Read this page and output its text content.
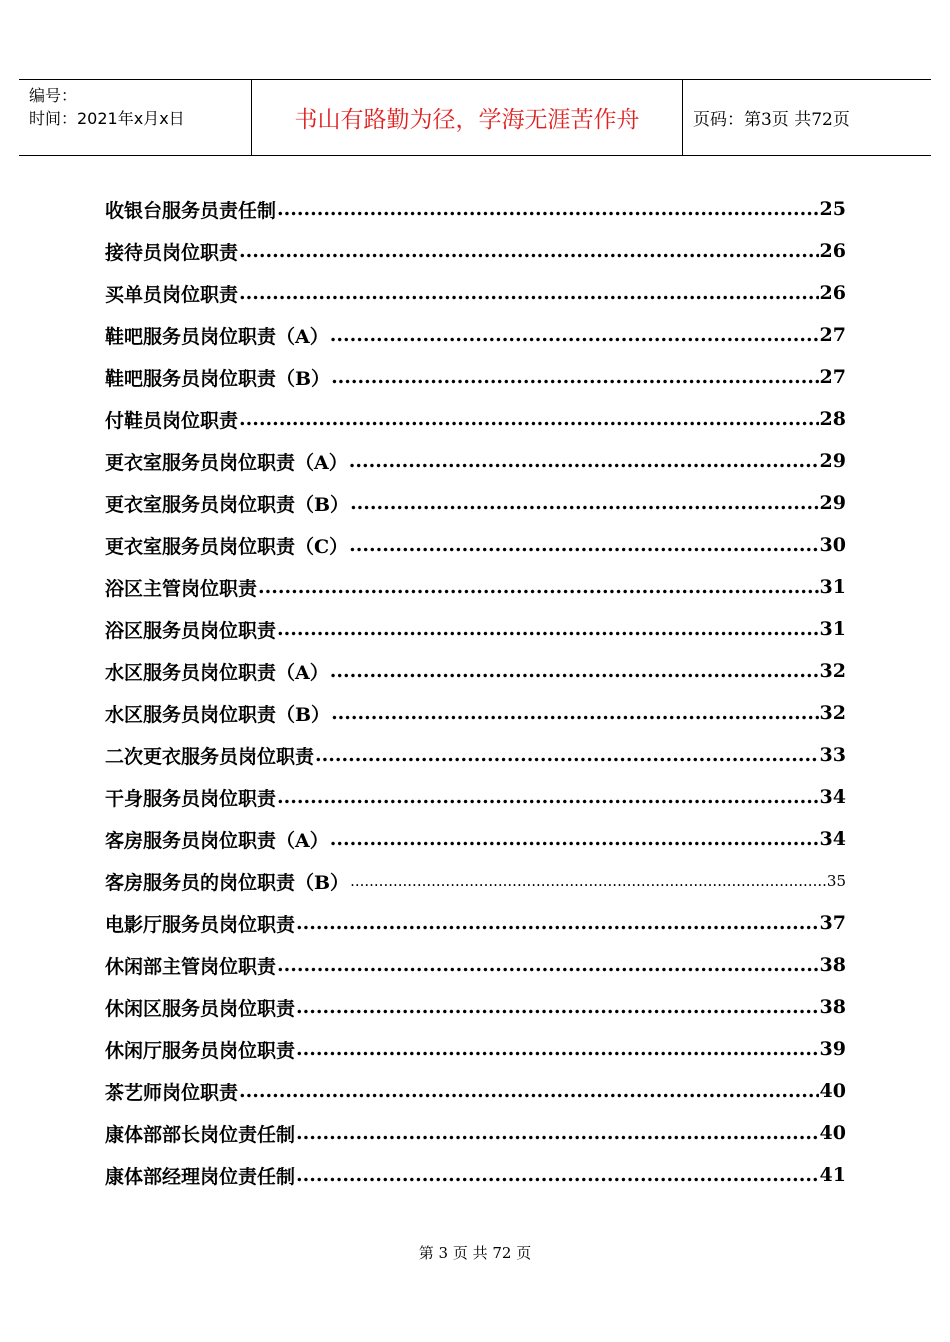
编号：
时间：2021年x月x日	书山有路勤为径，学海无涯苦作舟	页码：第3页 共72页
收银台服务员责任制 .....	25
接待员岗位职责 .....	26
买单员岗位职责 .....	26
鞋吧服务员岗位职责（A） .....	27
鞋吧服务员岗位职责（B） .....	27
付鞋员岗位职责 .....	28
更衣室服务员岗位职责（A） .....	29
更衣室服务员岗位职责（B） .....	29
更衣室服务员岗位职责（C） .....	30
浴区主管岗位职责 .....	31
浴区服务员岗位职责 .....	31
水区服务员岗位职责（A） .....	32
水区服务员岗位职责（B） .....	32
二次更衣服务员岗位职责 .....	33
干身服务员岗位职责 .....	34
客房服务员岗位职责（A） .....	34
客房服务员的岗位职责（B） .....	35
电影厅服务员岗位职责 .....	37
休闲部主管岗位职责 .....	38
休闲区服务员岗位职责 .....	38
休闲厅服务员岗位职责 .....	39
茶艺师岗位职责 .....	40
康体部部长岗位责任制 .....	40
康体部经理岗位责任制 .....	41
第 3 页 共 72 页
